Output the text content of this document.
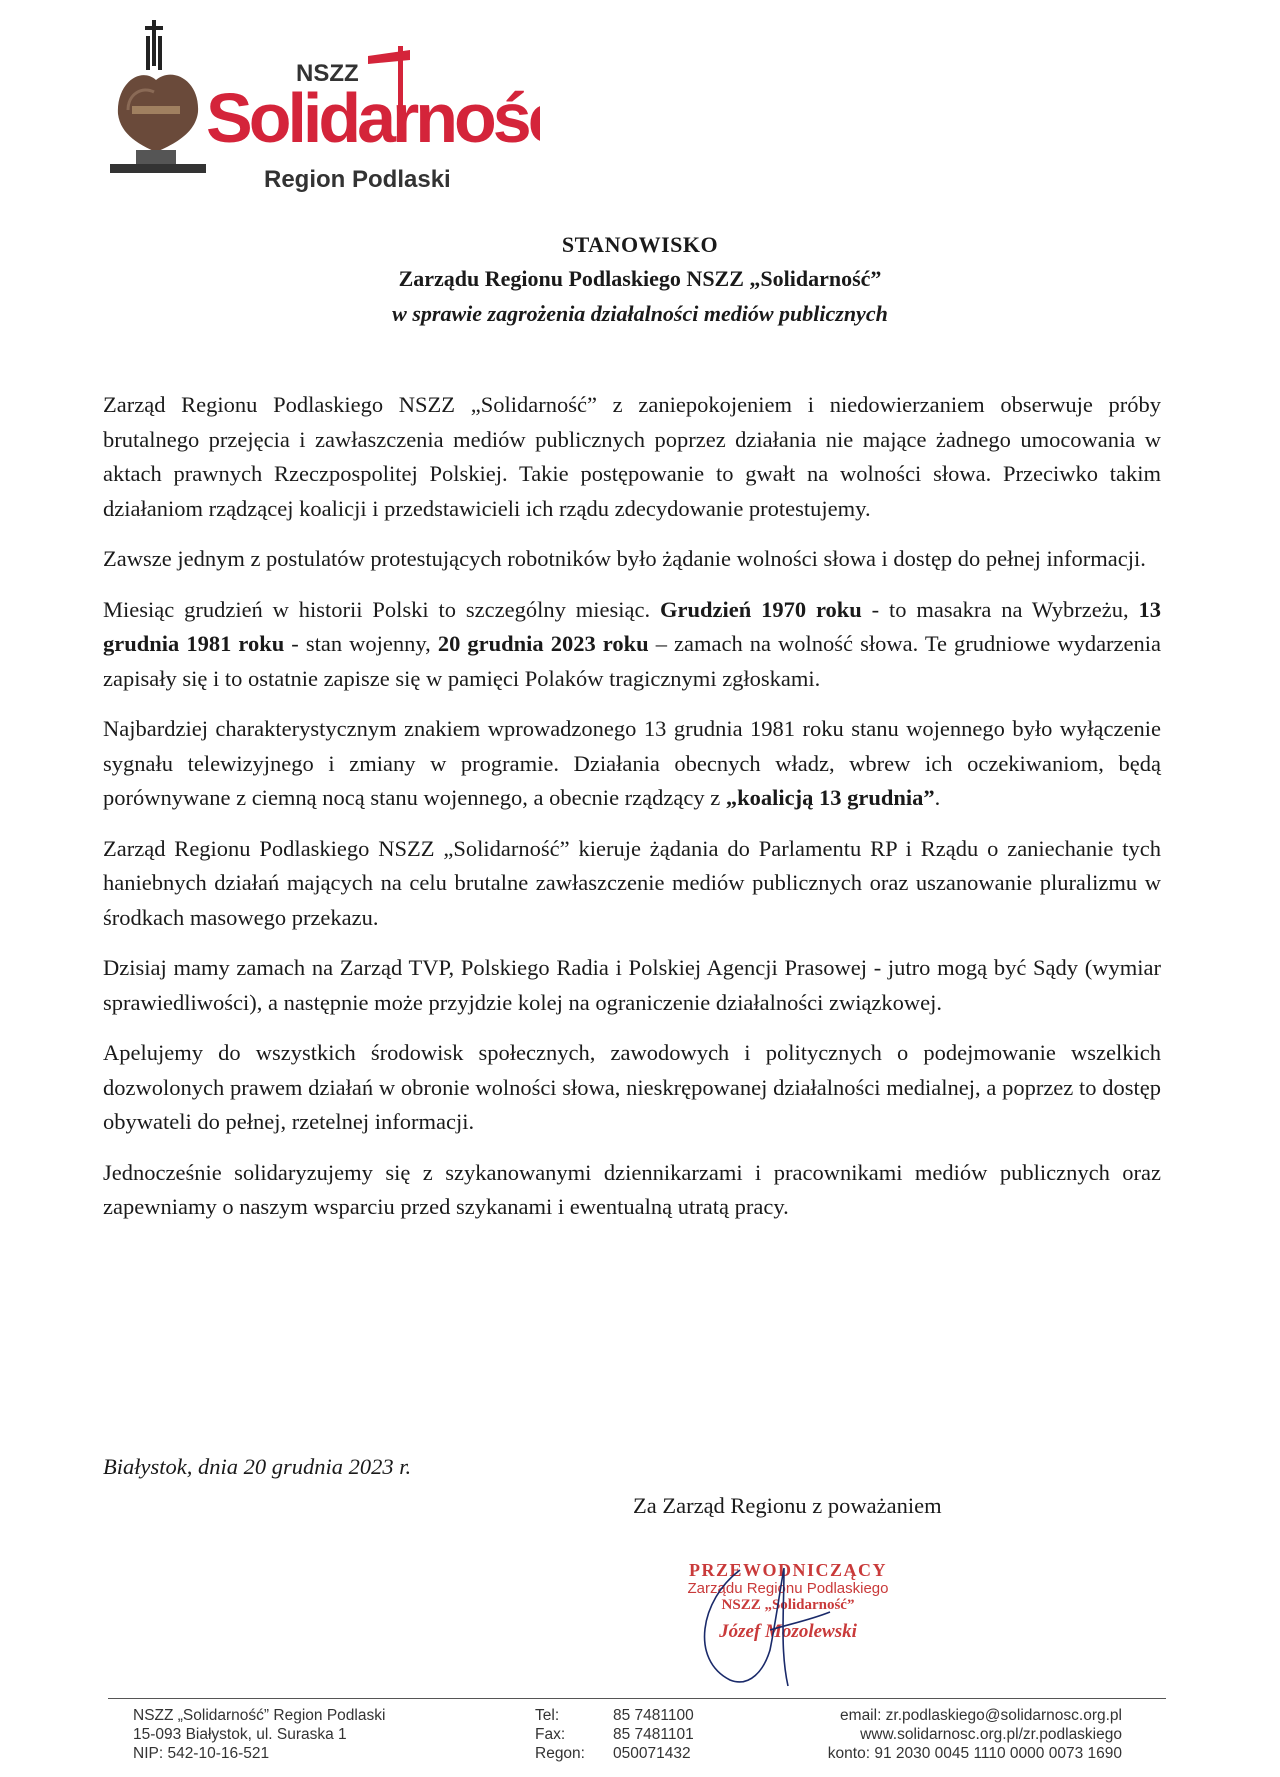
Solidarność
NSZZ
Region Podlaski
STANOWISKO
Zarządu Regionu Podlaskiego NSZZ „Solidarność”
w sprawie zagrożenia działalności mediów publicznych

Zarząd Regionu Podlaskiego NSZZ „Solidarność” z zaniepokojeniem i niedowierzaniem obserwuje próby brutalnego przejęcia i zawłaszczenia mediów publicznych poprzez działania nie mające żadnego umocowania w aktach prawnych Rzeczpospolitej Polskiej. Takie postępowanie to gwałt na wolności słowa. Przeciwko takim działaniom rządzącej koalicji i przedstawicieli ich rządu zdecydowanie protestujemy.

Zawsze jednym z postulatów protestujących robotników było żądanie wolności słowa i dostęp do pełnej informacji.

Miesiąc grudzień w historii Polski to szczególny miesiąc. Grudzień 1970 roku - to masakra na Wybrzeżu, 13 grudnia 1981 roku - stan wojenny, 20 grudnia 2023 roku – zamach na wolność słowa. Te grudniowe wydarzenia zapisały się i to ostatnie zapisze się w pamięci Polaków tragicznymi zgłoskami.

Najbardziej charakterystycznym znakiem wprowadzonego 13 grudnia 1981 roku stanu wojennego było wyłączenie sygnału telewizyjnego i zmiany w programie. Działania obecnych władz, wbrew ich oczekiwaniom, będą porównywane z ciemną nocą stanu wojennego, a obecnie rządzący z „koalicją 13 grudnia”.

Zarząd Regionu Podlaskiego NSZZ „Solidarność” kieruje żądania do Parlamentu RP i Rządu o zaniechanie tych haniebnych działań mających na celu brutalne zawłaszczenie mediów publicznych oraz uszanowanie pluralizmu w środkach masowego przekazu.

Dzisiaj mamy zamach na Zarząd TVP, Polskiego Radia i Polskiej Agencji Prasowej - jutro mogą być Sądy (wymiar sprawiedliwości), a następnie może przyjdzie kolej na ograniczenie działalności związkowej.

Apelujemy do wszystkich środowisk społecznych, zawodowych i politycznych o podejmowanie wszelkich dozwolonych prawem działań w obronie wolności słowa, nieskrępowanej działalności medialnej, a poprzez to dostęp obywateli do pełnej, rzetelnej informacji.

Jednocześnie solidaryzujemy się z szykanowanymi dziennikarzami i pracownikami mediów publicznych oraz zapewniamy o naszym wsparciu przed szykanami i ewentualną utratą pracy.

Białystok, dnia 20 grudnia 2023 r.
Za Zarząd Regionu z poważaniem
PRZEWODNICZĄCY
Zarządu Regionu Podlaskiego
NSZZ „Solidarność”
Józef Mozolewski
NSZZ „Solidarność” Region Podlaski
15-093 Białystok, ul. Suraska 1
NIP: 542-10-16-521
Tel:	85 7481100
Fax:	85 7481101
Regon: 050071432
email: zr.podlaskiego@solidarnosc.org.pl
www.solidarnosc.org.pl/zr.podlaskiego
konto: 91 2030 0045 1110 0000 0073 1690
